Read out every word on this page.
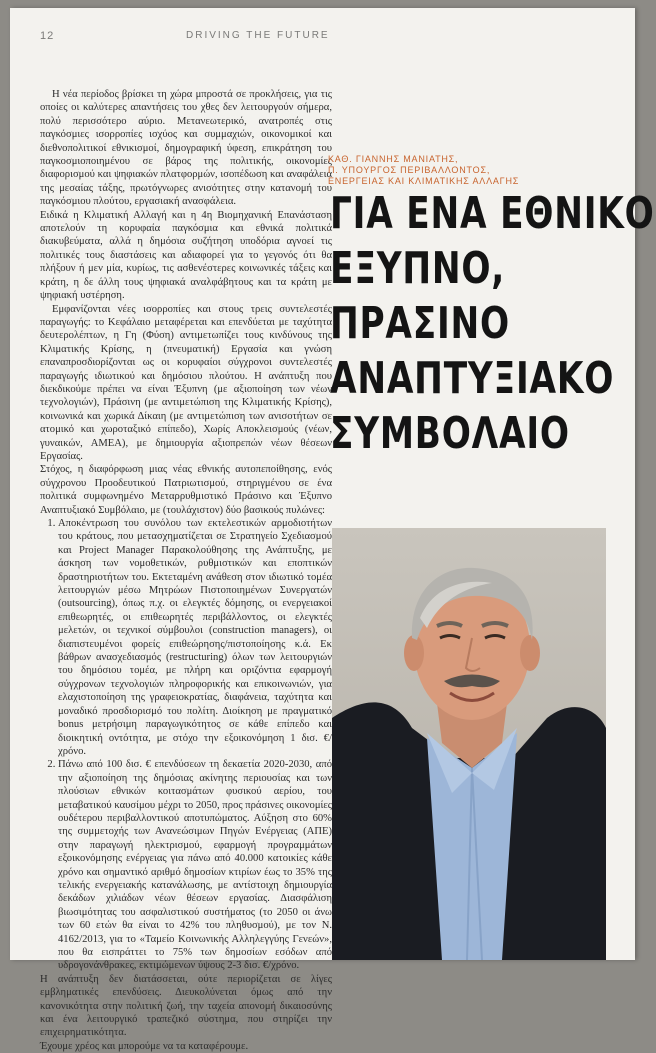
12	DRIVING THE FUTURE

Η νέα περίοδος βρίσκει τη χώρα μπροστά σε προκλήσεις, για τις οποίες οι καλύτερες απαντήσεις του χθες δεν λειτουργούν σήμερα, πολύ περισσότερο αύριο. Μετανεωτερικό, ανατροπές στις παγκόσμιες ισορροπίες ισχύος και συμμαχιών, οικονομικοί και διεθνοπολιτικοί εθνικισμοί, δημογραφική ύφεση, επικράτηση του παγκοσμιοποιημένου σε βάρος της πολιτικής, οικονομίες διαφορισμού και ψηφιακών πλατφορμών, ισοπέδωση και αναφάλεια της μεσαίας τάξης, πρωτόγνωρες ανισότητες στην κατανομή του παγκόσμιου πλούτου, εργασιακή ανασφάλεια.

Ειδικά η Κλιματική Αλλαγή και η 4η Βιομηχανική Επανάσταση αποτελούν τη κορυφαία παγκόσμια και εθνικά πολιτικά διακυβεύματα, αλλά η δημόσια συζήτηση υποδόρια αγνοεί τις πολιτικές τους διαστάσεις και αδιαφορεί για το γεγονός ότι θα πλήξουν ή μεν μία, κυρίως, τις ασθενέστερες κοινωνικές τάξεις και κράτη, η δε άλλη τους ψηφιακά αναλφάβητους και τα κράτη με ψηφιακή υστέρηση.

Εμφανίζονται νέες ισορροπίες και στους τρεις συντελεστές παραγωγής: το Κεφάλαιο μεταφέρεται και επενδύεται με ταχύτητα δευτερολέπτων, η Γη (Φύση) αντιμετωπίζει τους κινδύνους της Κλιματικής Κρίσης, η (πνευματική) Εργασία και γνώση επαναπροσδιορίζονται ως οι κορυφαίοι σύγχρονοι συντελεστές παραγωγής ιδιωτικού και δημόσιου πλούτου. Η ανάπτυξη που διεκδικούμε πρέπει να είναι Έξυπνη (με αξιοποίηση των νέων τεχνολογιών), Πράσινη (με αντιμετώπιση της Κλιματικής Κρίσης), κοινωνικά και χωρικά Δίκαιη (με αντιμετώπιση των ανισοτήτων σε ατομικό και χωροταξικό επίπεδο), Χωρίς Αποκλεισμούς (νέων, γυναικών, ΑΜΕΑ), με δημιουργία αξιοπρεπών νέων θέσεων Εργασίας.

Στόχος, η διαφόρφωση μιας νέας εθνικής αυτοπεποίθησης, ενός σύγχρονου Προοδευτικού Πατριωτισμού, στηριγμένου σε ένα πολιτικά συμφωνημένο Μεταρρυθμιστικό Πράσινο και Έξυπνο Αναπτυξιακό Συμβόλαιο, με (τουλάχιστον) δύο βασικούς πυλώνες:

1. Αποκέντρωση του συνόλου των εκτελεστικών αρμοδιοτήτων του κράτους, που μετασχηματίζεται σε Στρατηγείο Σχεδιασμού και Project Manager Παρακολούθησης της Ανάπτυξης, με άσκηση των νομοθετικών, ρυθμιστικών και εποπτικών δραστηριοτήτων του. Εκτεταμένη ανάθεση στον ιδιωτικό τομέα λειτουργιών μέσω Μητρώων Πιστοποιημένων Συνεργατών (outsourcing), όπως π.χ. οι ελεγκτές δόμησης, οι ενεργειακοί επιθεωρητές, οι επιθεωρητές περιβάλλοντος, οι ελεγκτές μελετών, οι τεχνικοί σύμβουλοι (construction managers), οι διαπιστευμένοι φορείς επιθεώρησης/πιστοποίησης κ.ά. Εκ βάθρων ανασχεδιασμός (restructuring) όλων των λειτουργιών του δημόσιου τομέα, με πλήρη και οριζόντια εφαρμογή σύγχρονων τεχνολογιών πληροφορικής και επικοινωνιών, για ελαχιστοποίηση της γραφειοκρατίας, διαφάνεια, ταχύτητα και μοναδικό προσδιορισμό του πολίτη. Διοίκηση με πραγματικό bonus μετρήσιμη παραγωγικότητος σε κάθε επίπεδο και διοικητική οντότητα, με στόχο την εξοικονόμηση 1 δισ. €/χρόνο.
2. Πάνω από 100 δισ. € επενδύσεων τη δεκαετία 2020-2030, από την αξιοποίηση της δημόσιας ακίνητης περιουσίας και των πλούσιων εθνικών κοιτασμάτων φυσικού αερίου, του μεταβατικού καυσίμου μέχρι το 2050, προς πράσινες οικονομίες ουδέτερου περιβαλλοντικού αποτυπώματος. Αύξηση στο 60% της συμμετοχής των Ανανεώσιμων Πηγών Ενέργειας (ΑΠΕ) στην παραγωγή ηλεκτρισμού, εφαρμογή προγραμμάτων εξοικονόμησης ενέργειας για πάνω από 40.000 κατοικίες κάθε χρόνο και σημαντικό αριθμό δημοσίων κτιρίων έως το 35% της τελικής ενεργειακής κατανάλωσης, με αντίστοιχη δημιουργία δεκάδων χιλιάδων νέων θέσεων εργασίας. Διασφάλιση βιωσιμότητας του ασφαλιστικού συστήματος (το 2050 οι άνω των 60 ετών θα είναι το 42% του πληθυσμού), με τον Ν. 4162/2013, για το «Ταμείο Κοινωνικής Αλληλεγγύης Γενεών», που θα εισπράττει το 75% των δημοσίων εσόδων από υδρογονάνθρακες, εκτιμώμενων ύψους 2-3 δισ. €/χρόνο.

Η ανάπτυξη δεν διατάσσεται, ούτε περιορίζεται σε λίγες εμβληματικές επενδύσεις. Διευκολύνεται όμως από την κανονικότητα στην πολιτική ζωή, την ταχεία απονομή δικαιοσύνης και ένα λειτουργικό τραπεζικό σύστημα, που στηρίζει την επιχειρηματικότητα.

Έχουμε χρέος και μπορούμε να τα καταφέρουμε.

ΚΑΘ. ΓΙΑΝΝΗΣ ΜΑΝΙΑΤΗΣ,
Π. ΥΠΟΥΡΓΟΣ ΠΕΡΙΒΑΛΛΟΝΤΟΣ,
ΕΝΕΡΓΕΙΑΣ ΚΑΙ ΚΛΙΜΑΤΙΚΗΣ ΑΛΛΑΓΗΣ
ΓΙΑ ΕΝΑ ΕΘΝΙΚΟ
ΕΞΥΠΝΟ,
ΠΡΑΣΙΝΟ
ΑΝΑΠΤΥΞΙΑΚΟ
ΣΥΜΒΟΛΑΙΟ
